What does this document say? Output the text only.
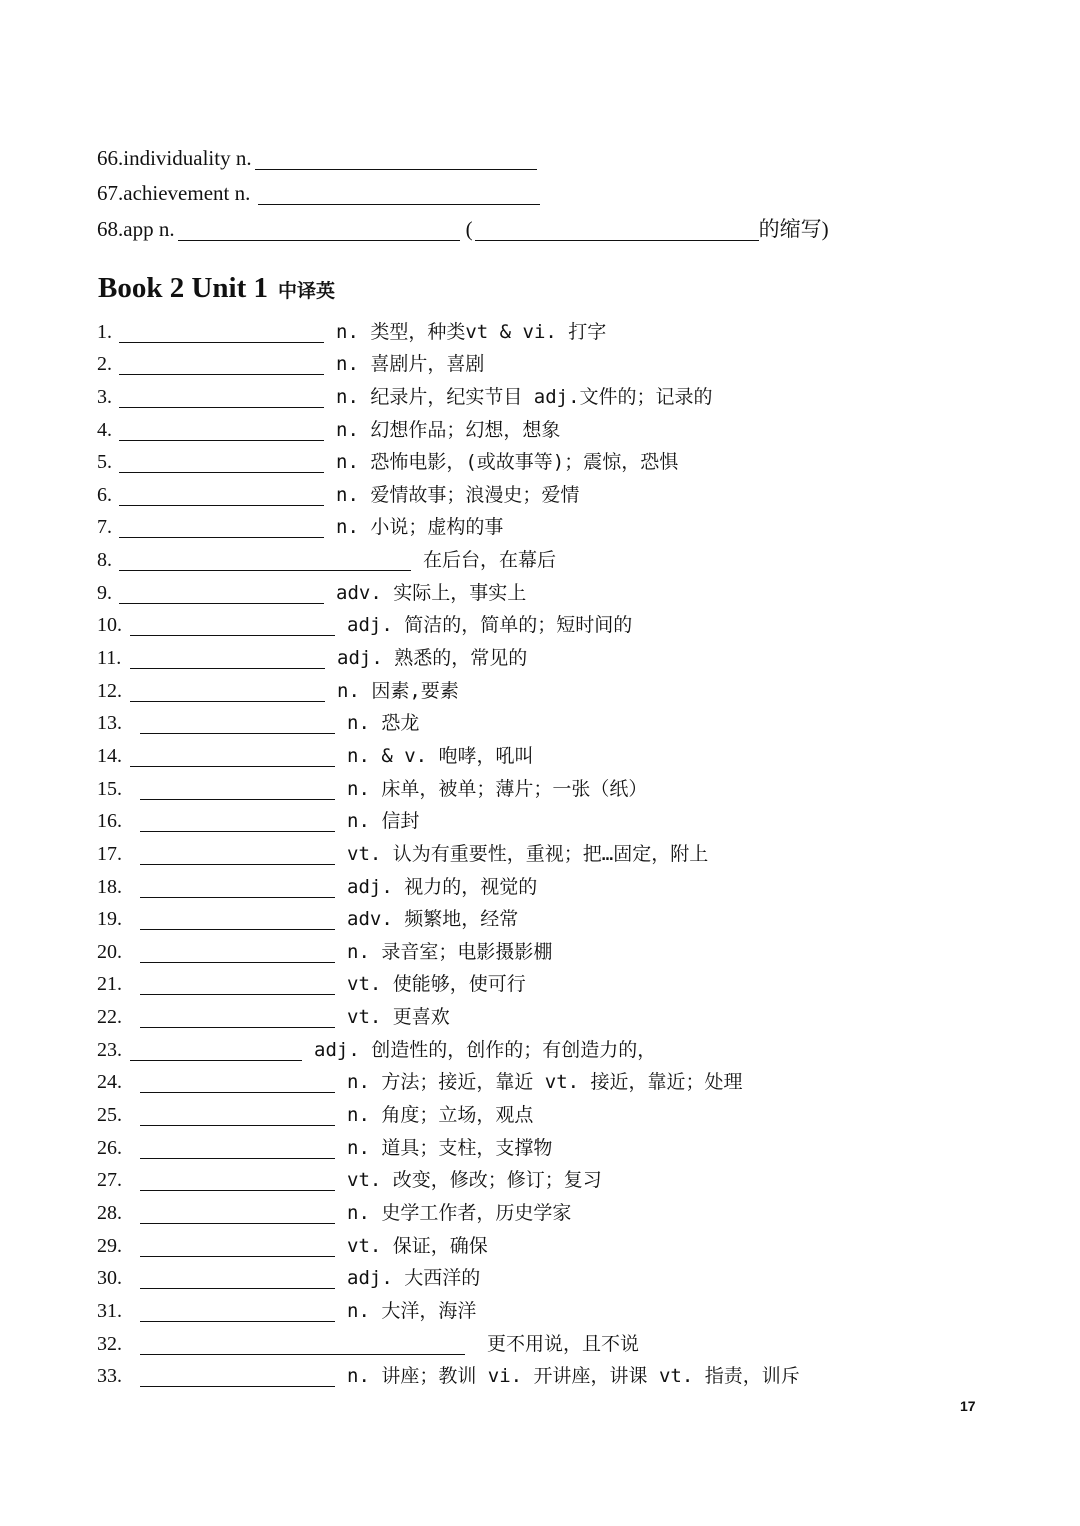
66.individuality n.
67.achievement n.
68.app n.	(	的缩写)
Book 2 Unit 1 中译英
1.	n. 类型，种类vt & vi. 打字
2.	n. 喜剧片，喜剧
3.	n. 纪录片，纪实节目 adj.文件的；记录的
4.	n. 幻想作品；幻想，想象
5.	n. 恐怖电影，(或故事等)；震惊，恐惧
6.	n. 爱情故事；浪漫史；爱情
7.	n. 小说；虚构的事
8.	在后台，在幕后
9.	adv. 实际上，事实上
10.	adj. 简洁的，简单的；短时间的
11.	adj. 熟悉的，常见的
12.	n. 因素,要素
13.	n. 恐龙
14.	n. & v. 咆哮，吼叫
15.	n. 床单，被单；薄片；一张（纸）
16.	n. 信封
17.	vt. 认为有重要性，重视；把…固定，附上
18.	adj. 视力的，视觉的
19.	adv. 频繁地，经常
20.	n. 录音室；电影摄影棚
21.	vt. 使能够，使可行
22.	vt. 更喜欢
23.	adj. 创造性的，创作的；有创造力的，
24.	n. 方法；接近，靠近 vt. 接近，靠近；处理
25.	n. 角度；立场，观点
26.	n. 道具；支柱，支撑物
27.	vt. 改变，修改；修订；复习
28.	n. 史学工作者，历史学家
29.	vt. 保证，确保
30.	adj. 大西洋的
31.	n. 大洋，海洋
32.	更不用说，且不说
33.	n. 讲座；教训 vi. 开讲座，讲课 vt. 指责，训斥
17
